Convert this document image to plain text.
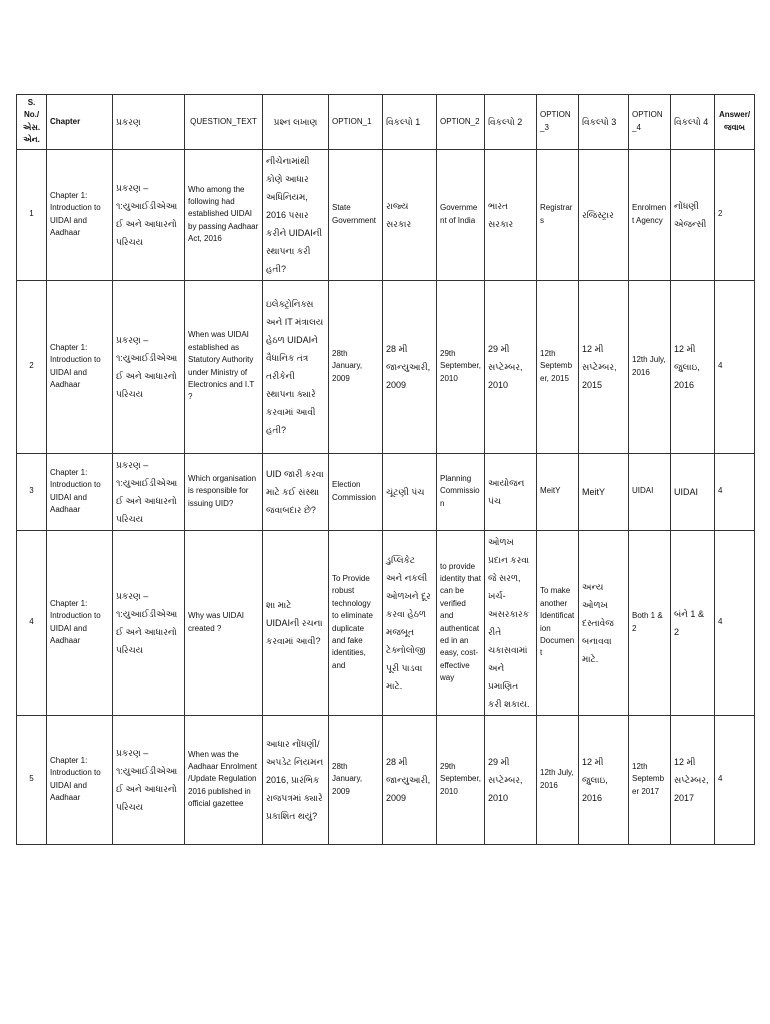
S. No./એસ. એન.	Chapter	પ્રકરણ	QUESTION_TEXT	પ્રશ્ન લખાણ	OPTION_1	વિકલ્પો 1	OPTION_2	વિકલ્પો 2	OPTION_3	વિકલ્પો 3	OPTION_4	વિકલ્પો 4	Answer/જવાબ
1	Chapter 1: Introduction to UIDAI and Aadhaar	પ્રકરણ – ૧:યુઆઈડીએઆઈ અને આધારનો પરિચય	Who among the following had established UIDAI by passing Aadhaar Act, 2016	નીચેનામાંથી કોણે આધાર અધિનિયમ, 2016 પસાર કરીને UIDAIની સ્થાપના કરી હતી?	State Government	રાજ્ય સરકાર	Government of India	ભારત સરકાર	Registrars	રજિસ્ટ્રાર	Enrolment Agency	નોંધણી એજન્સી	2
2	Chapter 1: Introduction to UIDAI and Aadhaar	પ્રકરણ – ૧:યુઆઈડીએઆઈ અને આધારનો પરિચય	When was UIDAI established as Statutory Authority under Ministry of Electronics and I.T ?	ઇલેક્ટ્રોનિક્સ અને IT મંત્રાલય હેઠળ UIDAIને વૈધાનિક તંત્ર તરીકેની સ્થાપના ક્યારે કરવામાં આવી હતી?	28th January, 2009	28 મી જાન્યુઆરી, 2009	29th September, 2010	29 મી સપ્ટેમ્બર, 2010	12th September, 2015	12 મી સપ્ટેમ્બર, 2015	12th July, 2016	12 મી જુલાઇ, 2016	4
3	Chapter 1: Introduction to UIDAI and Aadhaar	પ્રકરણ – ૧:યુઆઈડીએઆઈ અને આધારનો પરિચય	Which organisation is responsible for issuing UID?	UID જારી કરવા માટે કઈ સંસ્થા જવાબદાર છે?	Election Commission	ચૂંટણી પંચ	Planning Commission	આયોજન પંચ	MeitY	MeitY	UIDAI	UIDAI	4
4	Chapter 1: Introduction to UIDAI and Aadhaar	પ્રકરણ – ૧:યુઆઈડીએઆઈ અને આધારનો પરિચય	Why was UIDAI created ?	શા માટે UIDAIની રચના કરવામાં આવી?	To Provide robust technology to eliminate duplicate and fake identities, and	ડુપ્લિકેટ અને નકલી ઓળખને દૂર કરવા હેઠળ મજબૂત ટેક્નોલોજી પૂરી પાડવા માટે.	to provide identity that can be verified and authenticated in an easy, cost-effective way	ઓળખ પ્રદાન કરવા જે સરળ, ખર્ચ-અસરકારક રીતે ચકાસવામાં અને પ્રમાણિત કરી શકાય.	To make another Identification Document	અન્ય ઓળખ દસ્તાવેજ બનાવવા માટે.	Both 1 & 2	બંને 1 & 2	4
5	Chapter 1: Introduction to UIDAI and Aadhaar	પ્રકરણ – ૧:યુઆઈડીએઆઈ અને આધારનો પરિચય	When was the Aadhaar Enrolment /Update Regulation 2016 published in official gazettee	આધાર નોંધણી/અપડેટ નિયમન 2016, પ્રારંભિક રાજપત્રમાં ક્યારે પ્રકાશિત થયું?	28th January, 2009	28 મી જાન્યુઆરી, 2009	29th September, 2010	29 મી સપ્ટેમ્બર, 2010	12th July, 2016	12 મી જુલાઇ, 2016	12th September 2017	12 મી સપ્ટેમ્બર, 2017	4
